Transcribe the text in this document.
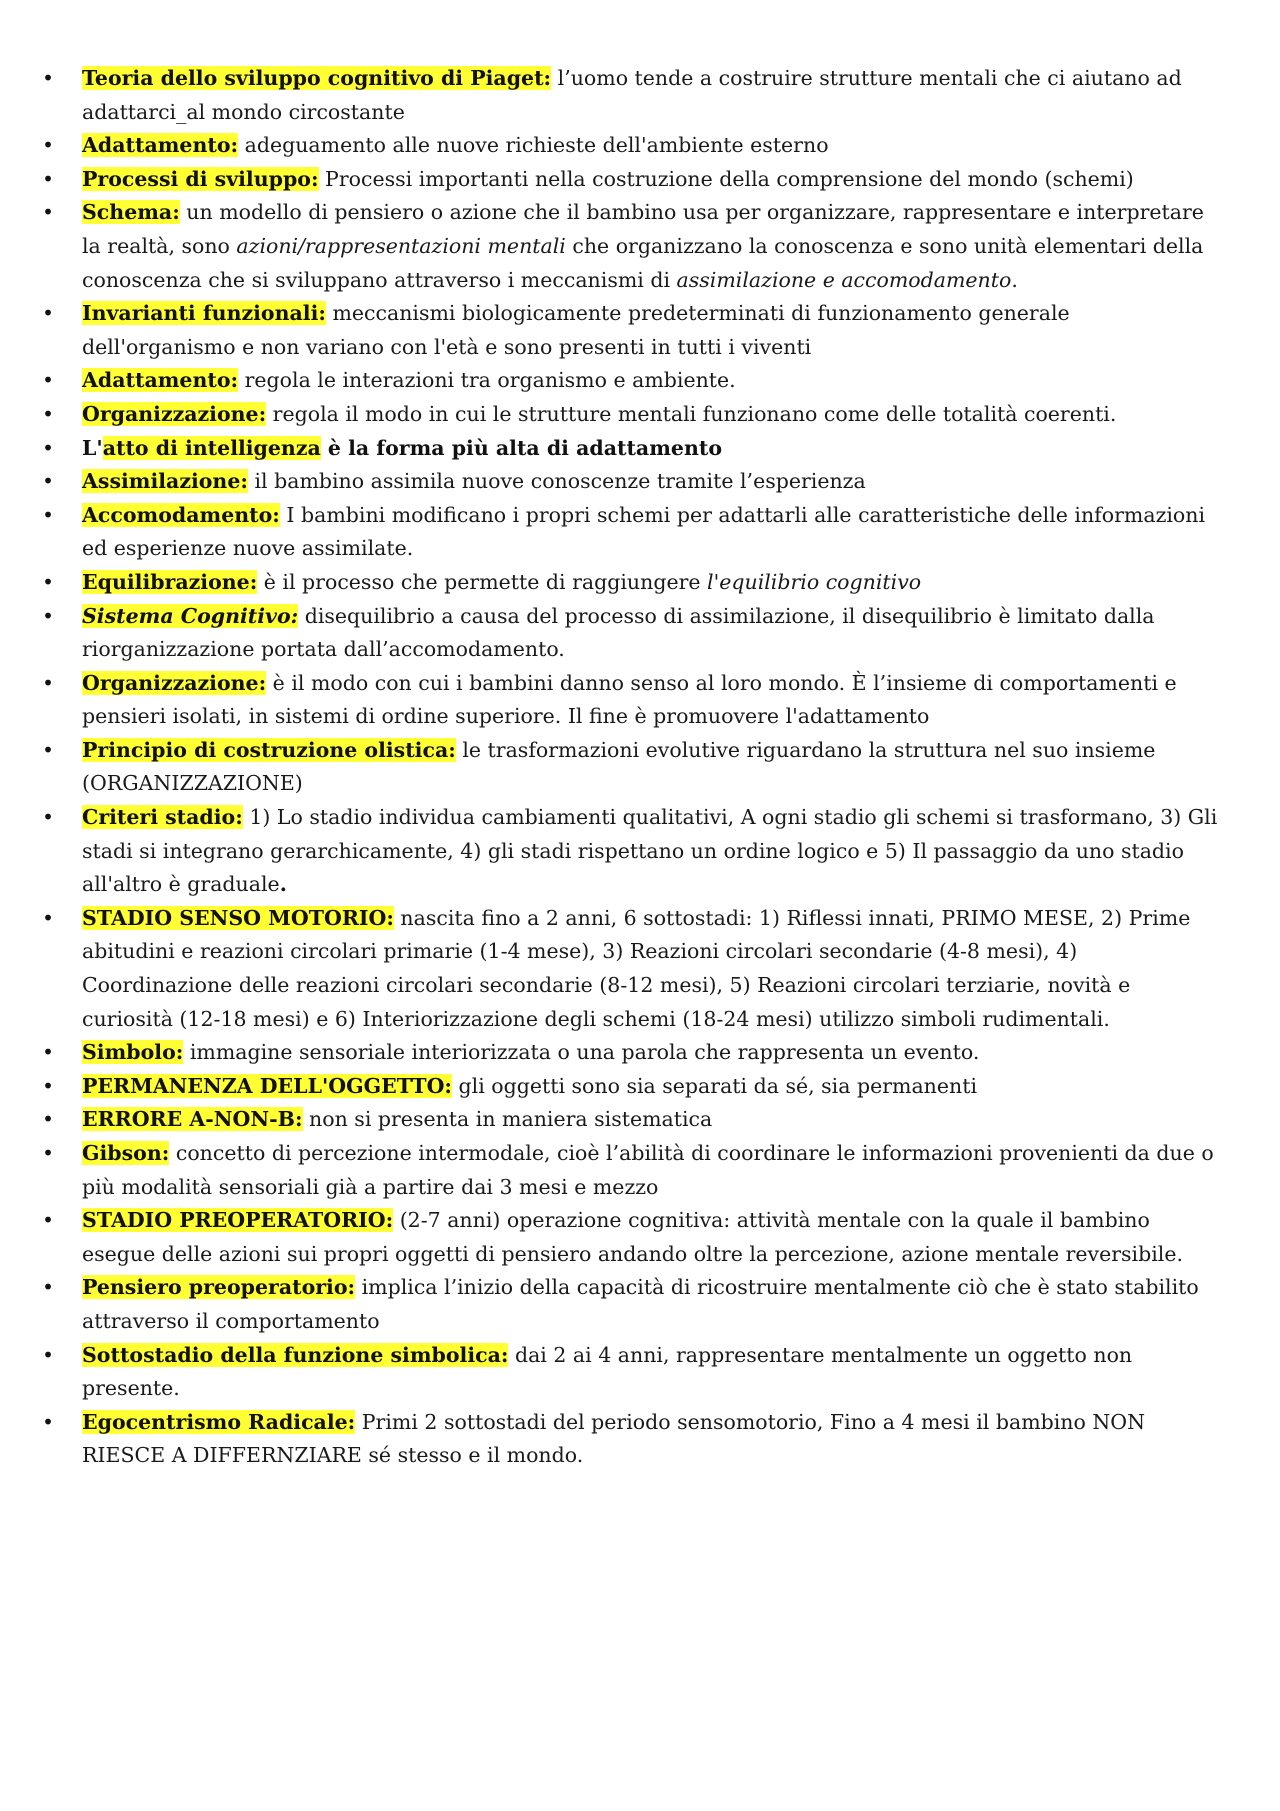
• Teoria dello sviluppo cognitivo di Piaget: l’uomo tende a costruire strutture mentali che ci aiutano ad adattarci_al mondo circostante
• Adattamento: adeguamento alle nuove richieste dell'ambiente esterno
• Processi di sviluppo: Processi importanti nella costruzione della comprensione del mondo (schemi)
• Schema: un modello di pensiero o azione che il bambino usa per organizzare, rappresentare e interpretare la realtà, sono azioni/rappresentazioni mentali che organizzano la conoscenza e sono unità elementari della conoscenza che si sviluppano attraverso i meccanismi di assimilazione e accomodamento.
• Invarianti funzionali: meccanismi biologicamente predeterminati di funzionamento generale dell'organismo e non variano con l'età e sono presenti in tutti i viventi
• Adattamento: regola le interazioni tra organismo e ambiente.
• Organizzazione: regola il modo in cui le strutture mentali funzionano come delle totalità coerenti.
• L'atto di intelligenza è la forma più alta di adattamento
• Assimilazione: il bambino assimila nuove conoscenze tramite l’esperienza
• Accomodamento: I bambini modificano i propri schemi per adattarli alle caratteristiche delle informazioni ed esperienze nuove assimilate.
• Equilibrazione: è il processo che permette di raggiungere l'equilibrio cognitivo
• Sistema Cognitivo: disequilibrio a causa del processo di assimilazione, il disequilibrio è limitato dalla riorganizzazione portata dall’accomodamento.
• Organizzazione: è il modo con cui i bambini danno senso al loro mondo. È l’insieme di comportamenti e pensieri isolati, in sistemi di ordine superiore. Il fine è promuovere l'adattamento
• Principio di costruzione olistica: le trasformazioni evolutive riguardano la struttura nel suo insieme (ORGANIZZAZIONE)
• Criteri stadio: 1) Lo stadio individua cambiamenti qualitativi, A ogni stadio gli schemi si trasformano, 3) Gli stadi si integrano gerarchicamente, 4) gli stadi rispettano un ordine logico e 5) Il passaggio da uno stadio all'altro è graduale.
• STADIO SENSO MOTORIO: nascita fino a 2 anni, 6 sottostadi: 1) Riflessi innati, PRIMO MESE, 2) Prime abitudini e reazioni circolari primarie (1-4 mese), 3) Reazioni circolari secondarie (4-8 mesi), 4) Coordinazione delle reazioni circolari secondarie (8-12 mesi), 5) Reazioni circolari terziarie, novità e curiosità (12-18 mesi) e 6) Interiorizzazione degli schemi (18-24 mesi) utilizzo simboli rudimentali.
• Simbolo: immagine sensoriale interiorizzata o una parola che rappresenta un evento.
• PERMANENZA DELL'OGGETTO: gli oggetti sono sia separati da sé, sia permanenti
• ERRORE A-NON-B: non si presenta in maniera sistematica
• Gibson: concetto di percezione intermodale, cioè l’abilità di coordinare le informazioni provenienti da due o più modalità sensoriali già a partire dai 3 mesi e mezzo
• STADIO PREOPERATORIO: (2-7 anni) operazione cognitiva: attività mentale con la quale il bambino esegue delle azioni sui propri oggetti di pensiero andando oltre la percezione, azione mentale reversibile.
• Pensiero preoperatorio: implica l’inizio della capacità di ricostruire mentalmente ciò che è stato stabilito attraverso il comportamento
• Sottostadio della funzione simbolica: dai 2 ai 4 anni, rappresentare mentalmente un oggetto non presente.
• Egocentrismo Radicale: Primi 2 sottostadi del periodo sensomotorio, Fino a 4 mesi il bambino NON RIESCE A DIFFERNZIARE sé stesso e il mondo.
